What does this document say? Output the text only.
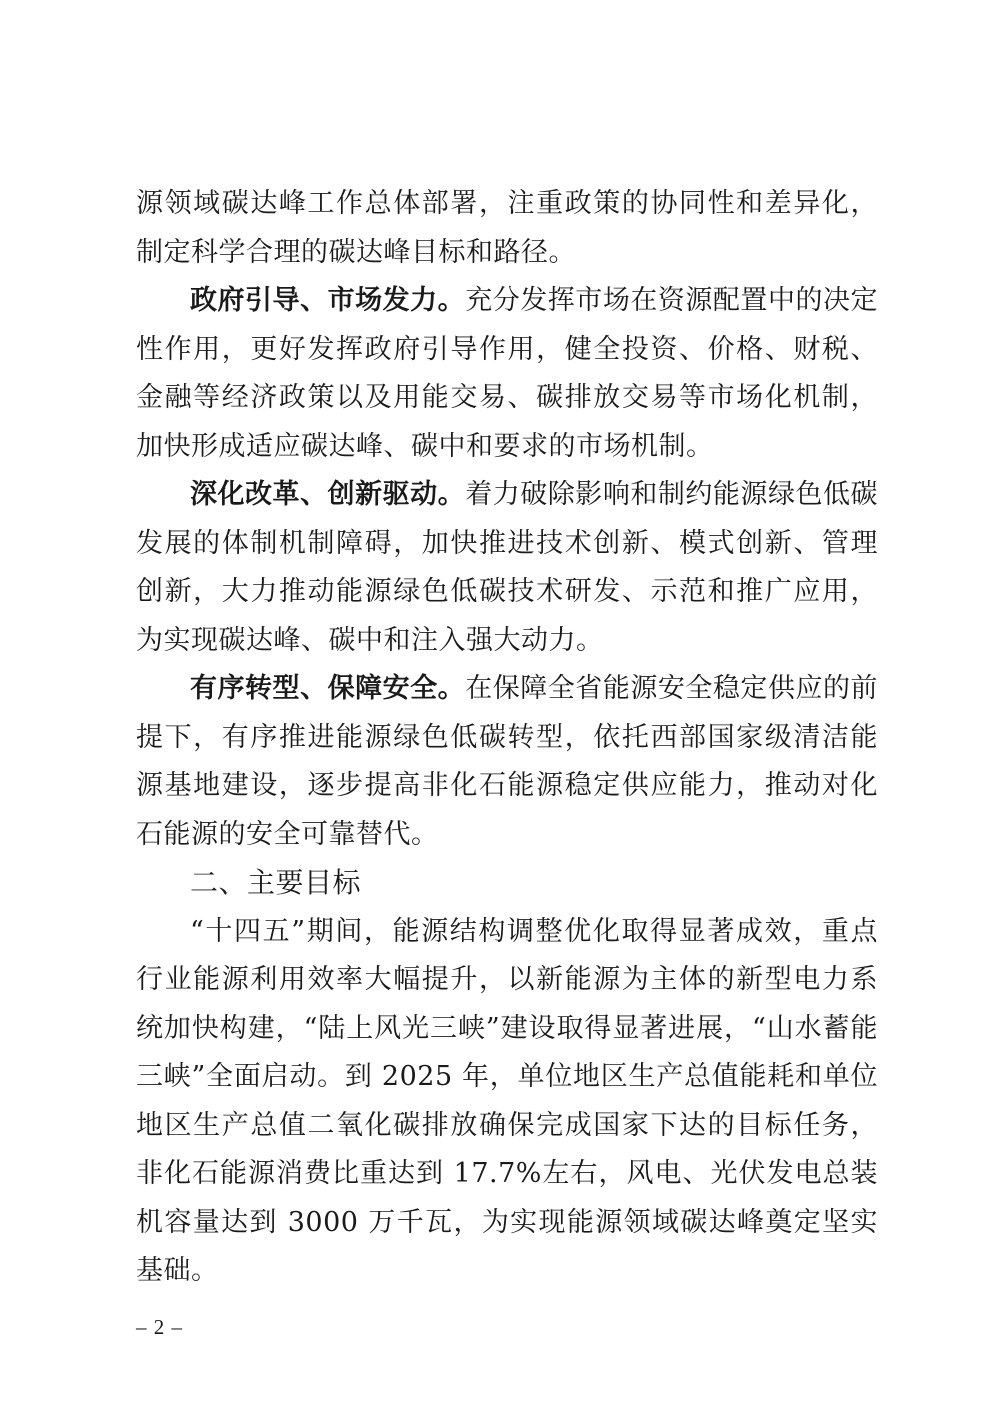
源领域碳达峰工作总体部署，注重政策的协同性和差异化，制定科学合理的碳达峰目标和路径。

政府引导、市场发力。充分发挥市场在资源配置中的决定性作用，更好发挥政府引导作用，健全投资、价格、财税、金融等经济政策以及用能交易、碳排放交易等市场化机制，加快形成适应碳达峰、碳中和要求的市场机制。

深化改革、创新驱动。着力破除影响和制约能源绿色低碳发展的体制机制障碍，加快推进技术创新、模式创新、管理创新，大力推动能源绿色低碳技术研发、示范和推广应用，为实现碳达峰、碳中和注入强大动力。

有序转型、保障安全。在保障全省能源安全稳定供应的前提下，有序推进能源绿色低碳转型，依托西部国家级清洁能源基地建设，逐步提高非化石能源稳定供应能力，推动对化石能源的安全可靠替代。

二、主要目标

“十四五”期间，能源结构调整优化取得显著成效，重点行业能源利用效率大幅提升，以新能源为主体的新型电力系统加快构建，“陆上风光三峡”建设取得显著进展，“山水蓄能三峡”全面启动。到 2025 年，单位地区生产总值能耗和单位地区生产总值二氧化碳排放确保完成国家下达的目标任务，非化石能源消费比重达到 17.7%左右，风电、光伏发电总装机容量达到 3000 万千瓦，为实现能源领域碳达峰奠定坚实基础。

– 2 –
